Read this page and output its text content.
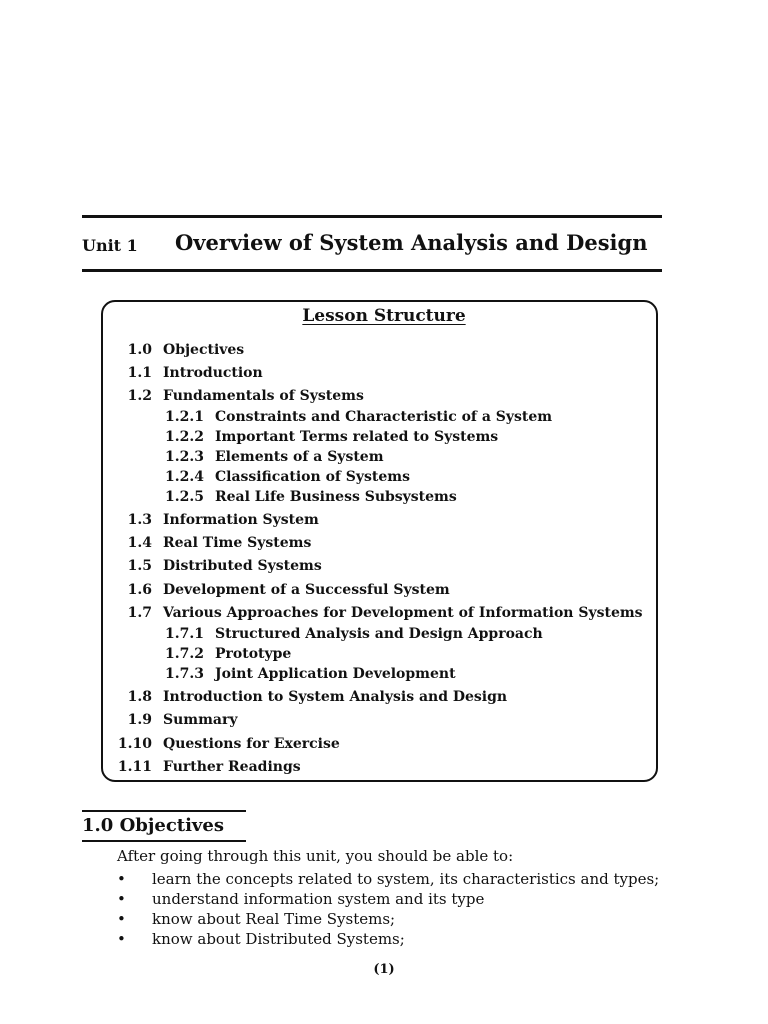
Unit 1 Overview of System Analysis and Design
Lesson Structure
1.0 Objectives
1.1 Introduction
1.2 Fundamentals of Systems
1.2.1 Constraints and Characteristic of a System
1.2.2 Important Terms related to Systems
1.2.3 Elements of a System
1.2.4 Classification of Systems
1.2.5 Real Life Business Subsystems
1.3 Information System
1.4 Real Time Systems
1.5 Distributed Systems
1.6 Development of a Successful System
1.7 Various Approaches for Development of Information Systems
1.7.1 Structured Analysis and Design Approach
1.7.2 Prototype
1.7.3 Joint Application Development
1.8 Introduction to System Analysis and Design
1.9 Summary
1.10 Questions for Exercise
1.11 Further Readings
1.0 Objectives
After going through this unit, you should be able to:
• learn the concepts related to system, its characteristics and types;
• understand information system and its type
• know about Real Time Systems;
• know about Distributed Systems;
(1)
